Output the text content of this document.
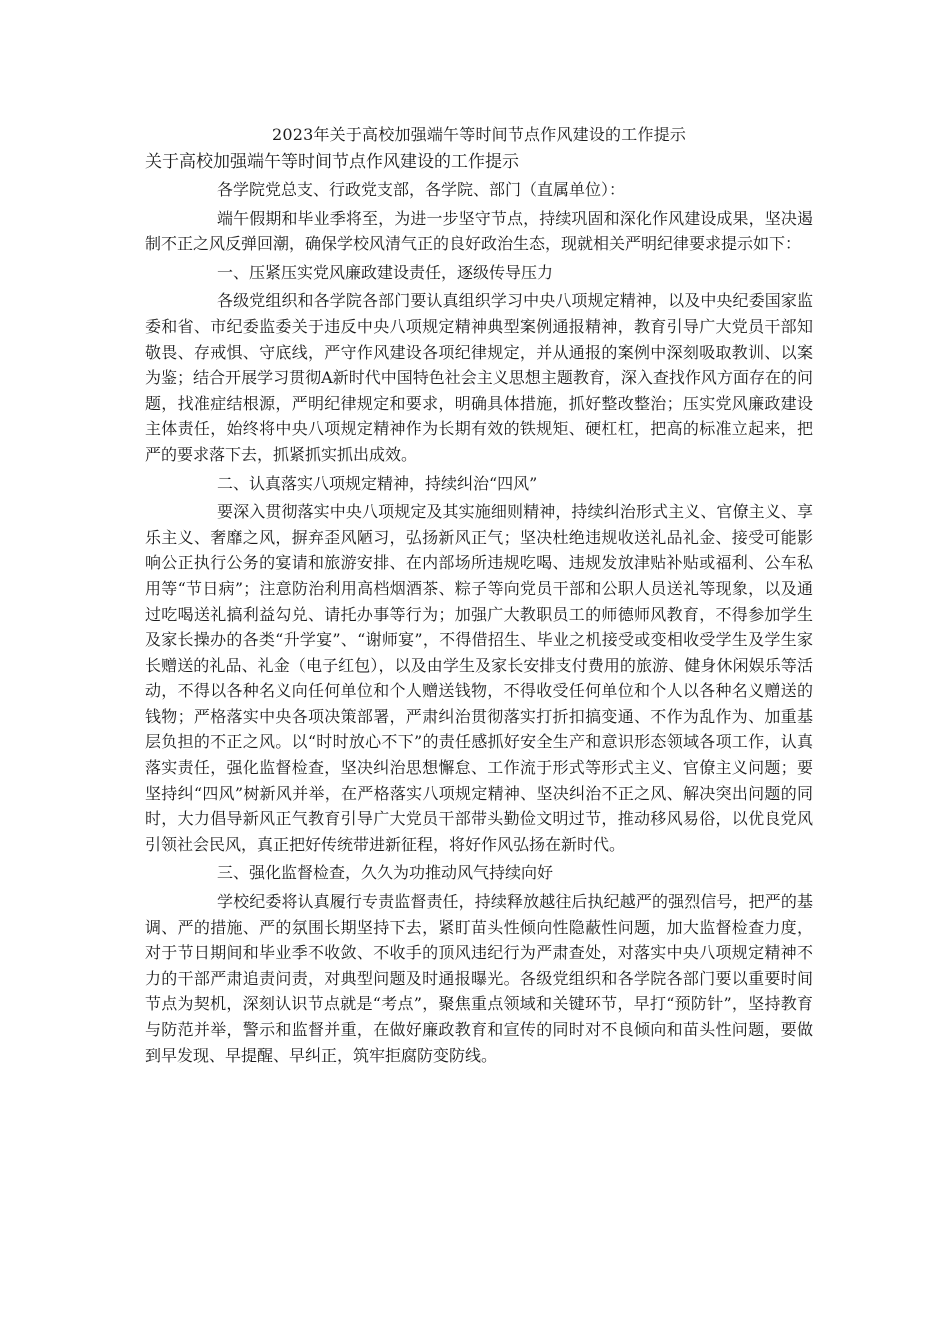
2023年关于高校加强端午等时间节点作风建设的工作提示
关于高校加强端午等时间节点作风建设的工作提示

各学院党总支、行政党支部，各学院、部门（直属单位）：

端午假期和毕业季将至，为进一步坚守节点，持续巩固和深化作风建设成果，坚决遏制不正之风反弹回潮，确保学校风清气正的良好政治生态，现就相关严明纪律要求提示如下：

一、压紧压实党风廉政建设责任，逐级传导压力

各级党组织和各学院各部门要认真组织学习中央八项规定精神，以及中央纪委国家监委和省、市纪委监委关于违反中央八项规定精神典型案例通报精神，教育引导广大党员干部知敬畏、存戒惧、守底线，严守作风建设各项纪律规定，并从通报的案例中深刻吸取教训、以案为鉴；结合开展学习贯彻A新时代中国特色社会主义思想主题教育，深入查找作风方面存在的问题，找准症结根源，严明纪律规定和要求，明确具体措施，抓好整改整治；压实党风廉政建设主体责任，始终将中央八项规定精神作为长期有效的铁规矩、硬杠杠，把高的标准立起来，把严的要求落下去，抓紧抓实抓出成效。

二、认真落实八项规定精神，持续纠治“四风”

要深入贯彻落实中央八项规定及其实施细则精神，持续纠治形式主义、官僚主义、享乐主义、奢靡之风，摒弃歪风陋习，弘扬新风正气；坚决杜绝违规收送礼品礼金、接受可能影响公正执行公务的宴请和旅游安排、在内部场所违规吃喝、违规发放津贴补贴或福利、公车私用等“节日病”；注意防治利用高档烟酒茶、粽子等向党员干部和公职人员送礼等现象，以及通过吃喝送礼搞利益勾兑、请托办事等行为；加强广大教职员工的师德师风教育，不得参加学生及家长操办的各类“升学宴”、“谢师宴”，不得借招生、毕业之机接受或变相收受学生及学生家长赠送的礼品、礼金（电子红包），以及由学生及家长安排支付费用的旅游、健身休闲娱乐等活动，不得以各种名义向任何单位和个人赠送钱物，不得收受任何单位和个人以各种名义赠送的钱物；严格落实中央各项决策部署，严肃纠治贯彻落实打折扣搞变通、不作为乱作为、加重基层负担的不正之风。以“时时放心不下”的责任感抓好安全生产和意识形态领域各项工作，认真落实责任，强化监督检查，坚决纠治思想懈怠、工作流于形式等形式主义、官僚主义问题；要坚持纠“四风”树新风并举，在严格落实八项规定精神、坚决纠治不正之风、解决突出问题的同时，大力倡导新风正气教育引导广大党员干部带头勤俭文明过节，推动移风易俗，以优良党风引领社会民风，真正把好传统带进新征程，将好作风弘扬在新时代。

三、强化监督检查，久久为功推动风气持续向好

学校纪委将认真履行专责监督责任，持续释放越往后执纪越严的强烈信号，把严的基调、严的措施、严的氛围长期坚持下去，紧盯苗头性倾向性隐蔽性问题，加大监督检查力度，对于节日期间和毕业季不收敛、不收手的顶风违纪行为严肃查处，对落实中央八项规定精神不力的干部严肃追责问责，对典型问题及时通报曝光。各级党组织和各学院各部门要以重要时间节点为契机，深刻认识节点就是“考点”，聚焦重点领域和关键环节，早打“预防针”，坚持教育与防范并举，警示和监督并重，在做好廉政教育和宣传的同时对不良倾向和苗头性问题，要做到早发现、早提醒、早纠正，筑牢拒腐防变防线。
